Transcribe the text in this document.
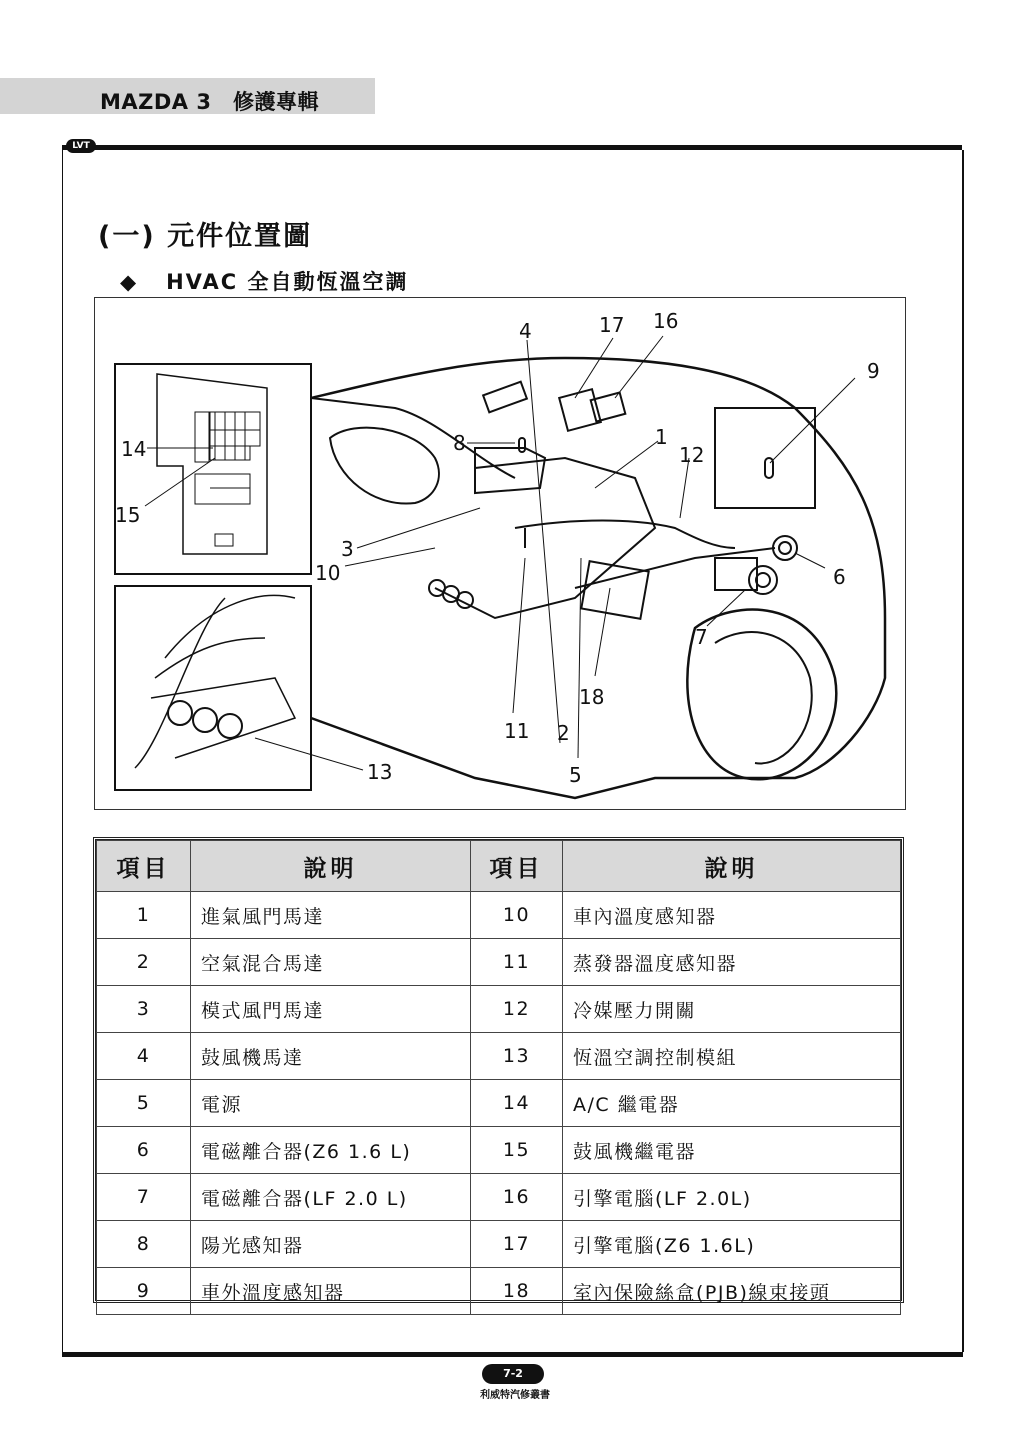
MAZDA 3　修護專輯
LVT
(一) 元件位置圖
◆ HVAC 全自動恆溫空調
4	17 16
9
8	1
12
14
15
3
10	6
7
18
11 2
5
13
項目	說明	項目	說明
1	進氣風門馬達	10	車內溫度感知器
2	空氣混合馬達	11	蒸發器溫度感知器
3	模式風門馬達	12	冷媒壓力開關
4	鼓風機馬達	13	恆溫空調控制模組
5	電源	14	A/C 繼電器
6	電磁離合器(Z6 1.6 L)	15	鼓風機繼電器
7	電磁離合器(LF 2.0 L)	16	引擎電腦(LF 2.0L)
8	陽光感知器	17	引擎電腦(Z6 1.6L)
9	車外溫度感知器	18	室內保險絲盒(PJB)線束接頭
7-2
利威特汽修叢書
